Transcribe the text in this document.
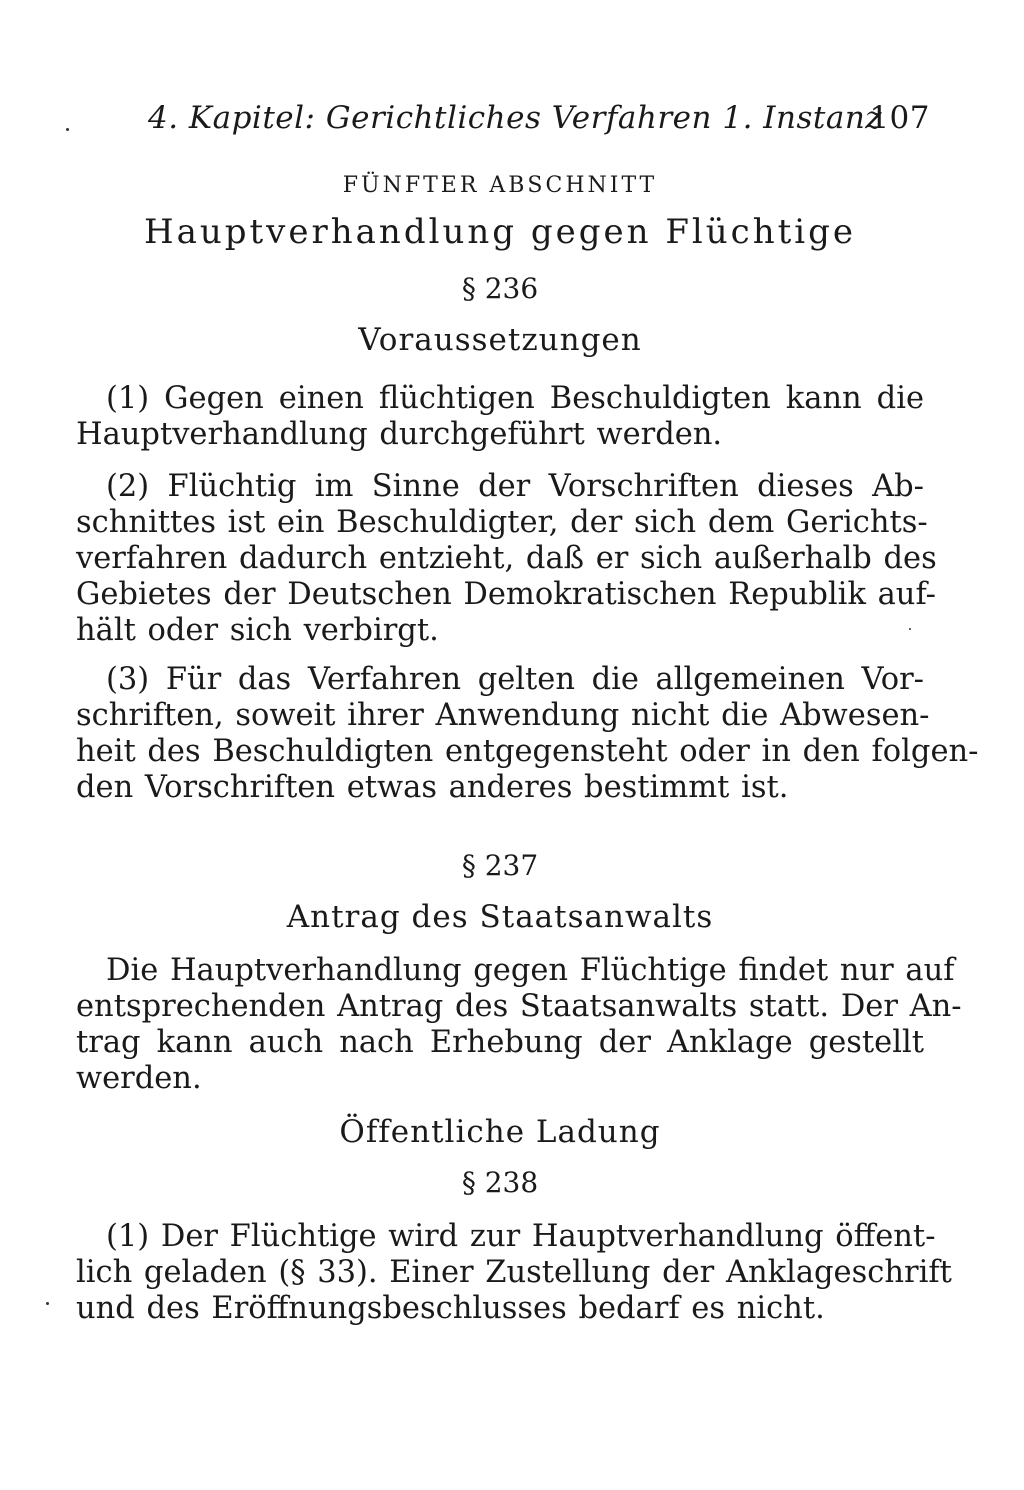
4. Kapitel: Gerichtliches Verfahren 1. Instanz
107
FÜNFTER ABSCHNITT
Hauptverhandlung gegen Flüchtige
§ 236
Voraussetzungen
(1) Gegen einen flüchtigen Beschuldigten kann die
Hauptverhandlung durchgeführt werden.
(2) Flüchtig im Sinne der Vorschriften dieses Ab-
schnittes ist ein Beschuldigter, der sich dem Gerichts-
verfahren dadurch entzieht, daß er sich außerhalb des
Gebietes der Deutschen Demokratischen Republik auf-
hält oder sich verbirgt.
(3) Für das Verfahren gelten die allgemeinen Vor-
schriften, soweit ihrer Anwendung nicht die Abwesen-
heit des Beschuldigten entgegensteht oder in den folgen-
den Vorschriften etwas anderes bestimmt ist.
§ 237
Antrag des Staatsanwalts
Die Hauptverhandlung gegen Flüchtige findet nur auf
entsprechenden Antrag des Staatsanwalts statt. Der An-
trag kann auch nach Erhebung der Anklage gestellt
werden.
Öffentliche Ladung
§ 238
(1) Der Flüchtige wird zur Hauptverhandlung öffent-
lich geladen (§ 33). Einer Zustellung der Anklageschrift
und des Eröffnungsbeschlusses bedarf es nicht.
